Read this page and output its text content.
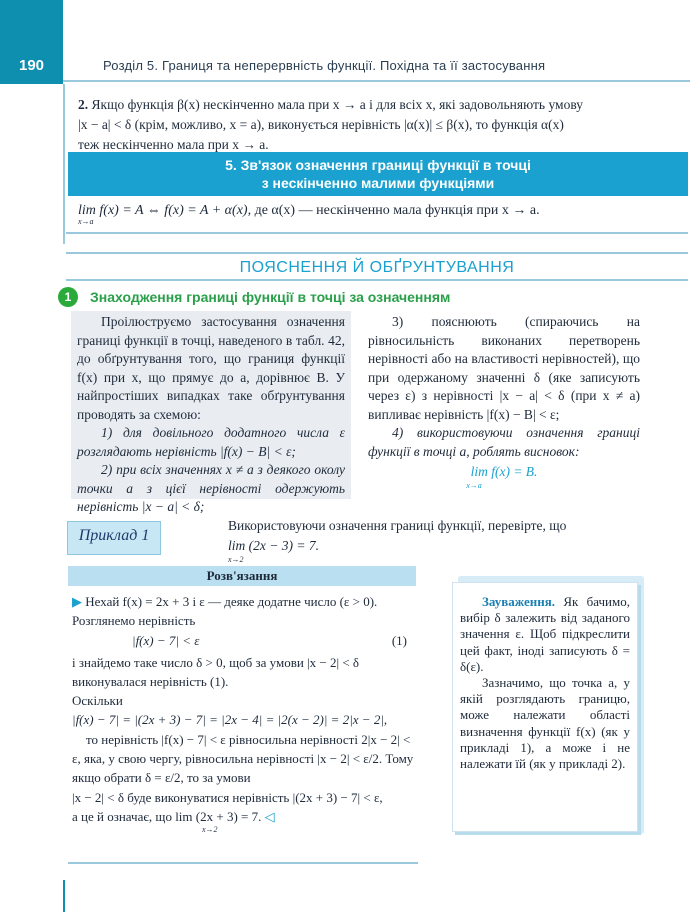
190	Розділ 5. Границя та неперервність функції. Похідна та її застосування
2. Якщо функція β(x) нескінченно мала при x → a і для всіх x, які задовольняють умову
|x − a| < δ (крім, можливо, x = a), виконується нерівність |α(x)| ≤ β(x), то функція α(x)
теж нескінченно мала при x → a.
5. Зв'язок означення границі функції в точці
з нескінченно малими функціями
lim f(x) = A ⇔ f(x) = A + α(x), де α(x) — нескінченно мала функція при x → a.
x→a
ПОЯСНЕННЯ Й ОБҐРУНТУВАННЯ
1	Знаходження границі функції в точці за означенням

Проілюструємо застосування означення границі функції в точці, наведеного в табл. 42, до обґрунтування того, що границя функції f(x) при x, що прямує до a, дорівнює B. У найпростіших випадках таке обґрунтування проводять за схемою:

1) для довільного додатного числа ε розглядають нерівність |f(x) − B| < ε;

2) при всіх значеннях x ≠ a з деякого околу точки a з цієї нерівності одержують нерівність |x − a| < δ;

3) пояснюють (спираючись на рівносильність виконаних перетворень нерівності або на властивості нерівностей), що при одержаному значенні δ (яке записують через ε) з нерівності |x − a| < δ (при x ≠ a) випливає нерівність |f(x) − B| < ε;

4) використовуючи означення границі функції в точці a, роблять висновок:

lim f(x) = B.
x→a
Приклад 1
Використовуючи означення границі функції, перевірте, що
lim (2x − 3) = 7.
x→2
Розв'язання

▶ Нехай f(x) = 2x + 3 і ε — деяке додатне число (ε > 0). Розглянемо нерівність

|f(x) − 7| < ε	(1)

і знайдемо таке число δ > 0, щоб за умови |x − 2| < δ виконувалася нерівність (1).

Оскільки

|f(x) − 7| = |(2x + 3) − 7| = |2x − 4| = |2(x − 2)| = 2|x − 2|,

то нерівність |f(x) − 7| < ε рівносильна нерівності 2|x − 2| < ε, яка, у свою чергу, рівносильна нерівності |x − 2| < ε/2. Тому якщо обрати δ = ε/2, то за умови

|x − 2| < δ буде виконуватися нерівність |(2x + 3) − 7| < ε,

а це й означає, що lim (2x + 3) = 7. ◁

x→2

Зауваження. Як бачимо, вибір δ залежить від заданого значення ε. Щоб підкреслити цей факт, іноді записують δ = δ(ε).

Зазначимо, що точка a, у якій розглядають границю, може належати області визначення функції f(x) (як у прикладі 1), а може і не належати їй (як у прикладі 2).
